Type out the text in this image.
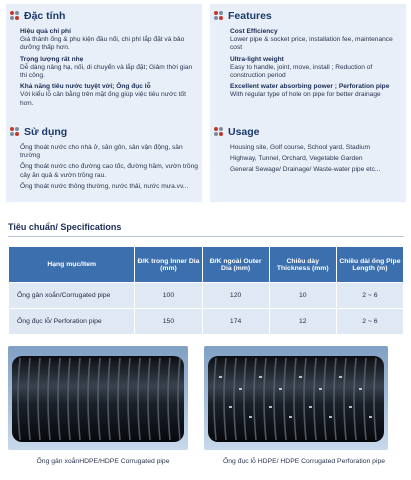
Đặc tính
Hiệu quả chi phí
Giá thành ống & phụ kiện đầu nối, chi phí lắp đặt và bảo dưỡng thấp hơn.
Trọng lượng rất nhẹ
Dễ dàng nâng hạ, nối, di chuyển và lắp đặt; Giảm thời gian thi công.
Khả năng tiêu nước tuyệt vời; Ống đục lỗ
Với kiểu lỗ cân bằng trên mặt ống giúp việc tiêu nước tốt hơn.
Features
Cost Efficiency
Lower pipe & socket price, installation fee, maintenance cost
Ultra-light weight
Easy to handle, joint, move, install ; Reduction of construction period
Excellent water absorbing power ; Perforation pipe
With regular type of hole on pipe for better drainage
Sử dụng
Ống thoát nước cho nhà ở, sân gôn, sân vận động, sân trường
Ống thoát nước cho đường cao tốc, đường hầm, vườn trồng cây ăn quả & vườn trồng rau.
Ống thoát nước thông thường, nước thải, nước mưa.vv...
Usage
Housing site, Golf course, School yard, Stadium
Highway, Tunnel, Orchard, Vegetable Garden
General Sewage/ Drainage/ Waste-water pipe etc...
Tiêu chuẩn/ Specifications
Hạng mục/Item	Đ/K trong Inner Dia (mm)	Đ/K ngoài Outer Dia (mm)	Chiều dày Thickness (mm)	Chiều dài ống Pipe Length (m)
Ống gân xoắn/Corrugated pipe	100	120	10	2 ~ 6
Ống đục lỗ/ Perforation pipe	150	174	12	2 ~ 6
Ống gân xoắnHDPE/HDPE Corrugated pipe	Ống đục lỗ HDPE/ HDPE Corrugated Perforation pipe
